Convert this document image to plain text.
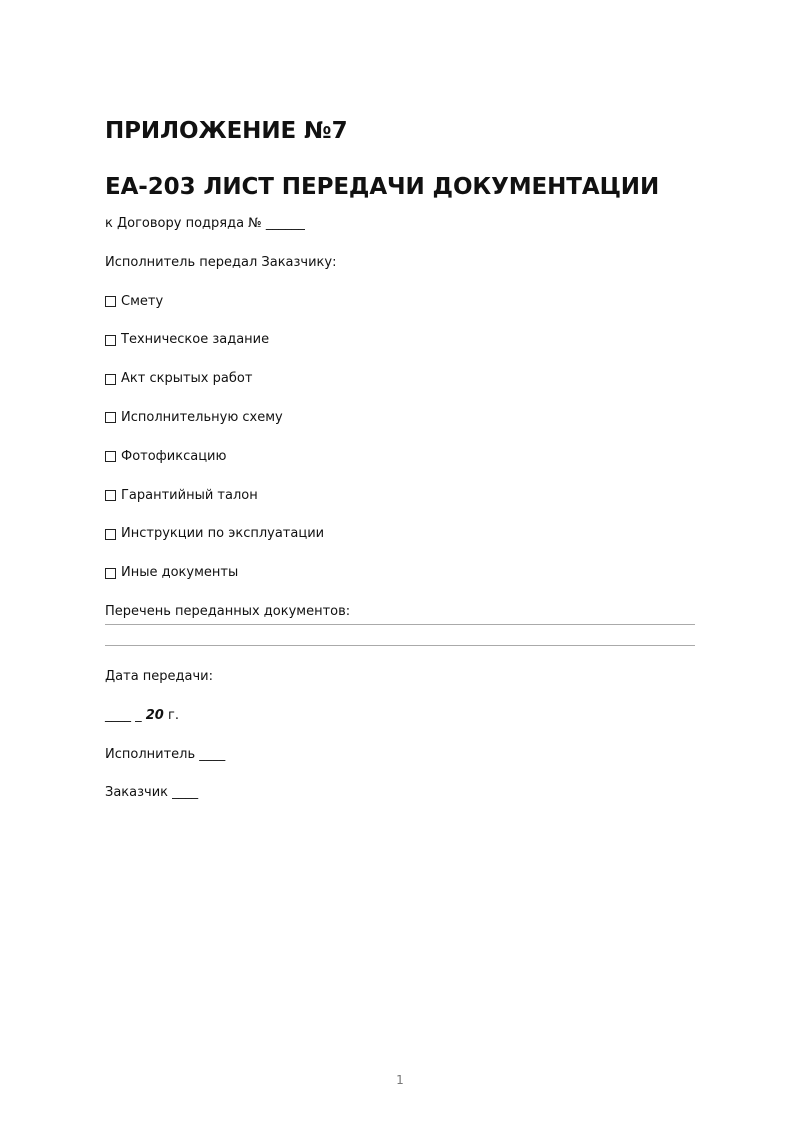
ПРИЛОЖЕНИЕ №7
ЕА-203 ЛИСТ ПЕРЕДАЧИ ДОКУМЕНТАЦИИ
к Договору подряда № ______
Исполнитель передал Заказчику:
Смету
Техническое задание
Акт скрытых работ
Исполнительную схему
Фотофиксацию
Гарантийный талон
Инструкции по эксплуатации
Иные документы
Перечень переданных документов:
Дата передачи:
____ _ 20 г.
Исполнитель ____
Заказчик ____
1
